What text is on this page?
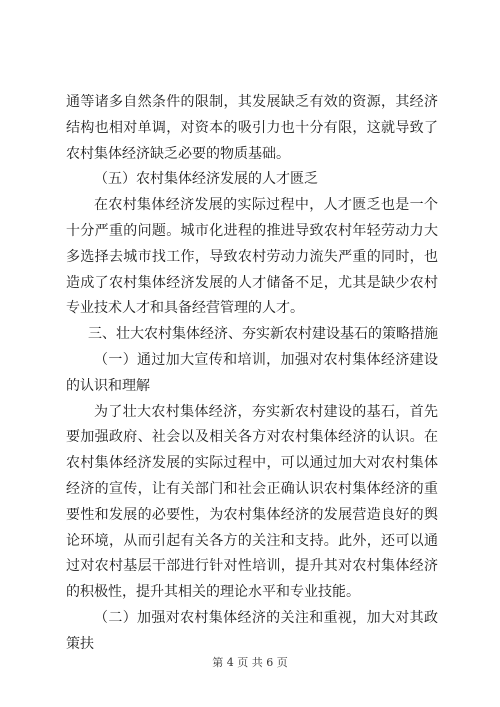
通等诸多自然条件的限制，其发展缺乏有效的资源，其经济结构也相对单调，对资本的吸引力也十分有限，这就导致了农村集体经济缺乏必要的物质基础。

（五）农村集体经济发展的人才匮乏

在农村集体经济发展的实际过程中，人才匮乏也是一个十分严重的问题。城市化进程的推进导致农村年轻劳动力大多选择去城市找工作，导致农村劳动力流失严重的同时，也造成了农村集体经济发展的人才储备不足，尤其是缺少农村专业技术人才和具备经营管理的人才。

三、壮大农村集体经济、夯实新农村建设基石的策略措施

（一）通过加大宣传和培训，加强对农村集体经济建设的认识和理解

为了壮大农村集体经济，夯实新农村建设的基石，首先要加强政府、社会以及相关各方对农村集体经济的认识。在农村集体经济发展的实际过程中，可以通过加大对农村集体经济的宣传，让有关部门和社会正确认识农村集体经济的重要性和发展的必要性，为农村集体经济的发展营造良好的舆论环境，从而引起有关各方的关注和支持。此外，还可以通过对农村基层干部进行针对性培训，提升其对农村集体经济的积极性，提升其相关的理论水平和专业技能。

（二）加强对农村集体经济的关注和重视，加大对其政策扶

第 4 页 共 6 页
